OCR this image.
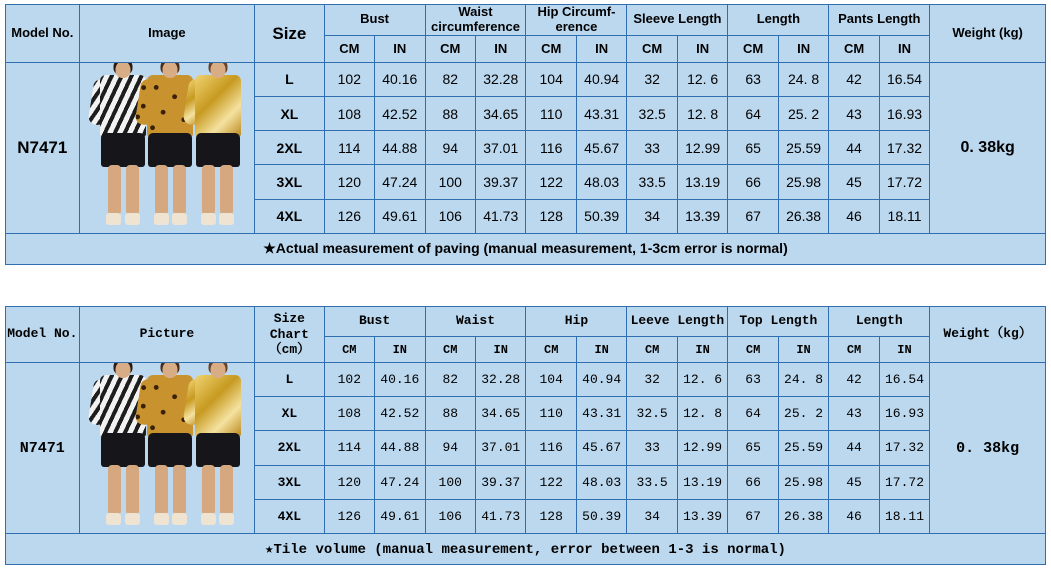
Model No.	Image	Size	Bust		Waist circumference		Hip Circumf-erence		Sleeve Length		Length		Pants Length		Weight (kg)
			CM	IN	CM	IN	CM	IN	CM	IN	CM	IN	CM	IN	
N7471		L	102	40.16	82	32.28	104	40.94	32	12. 6	63	24. 8	42	16.54	0. 38kg
		XL	108	42.52	88	34.65	110	43.31	32.5	12. 8	64	25. 2	43	16.93	
		2XL	114	44.88	94	37.01	116	45.67	33	12.99	65	25.59	44	17.32	
		3XL	120	47.24	100	39.37	122	48.03	33.5	13.19	66	25.98	45	17.72	
		4XL	126	49.61	106	41.73	128	50.39	34	13.39	67	26.38	46	18.11	
★Actual measurement of paving (manual measurement, 1-3cm error is normal)															
Model No.	Picture	Size Chart（cm）	Bust		Waist		Hip		Leeve Length		Top Length		Length		Weight（kg）
			CM	IN	CM	IN	CM	IN	CM	IN	CM	IN	CM	IN	
N7471		L	102	40.16	82	32.28	104	40.94	32	12. 6	63	24. 8	42	16.54	0. 38kg
		XL	108	42.52	88	34.65	110	43.31	32.5	12. 8	64	25. 2	43	16.93	
		2XL	114	44.88	94	37.01	116	45.67	33	12.99	65	25.59	44	17.32	
		3XL	120	47.24	100	39.37	122	48.03	33.5	13.19	66	25.98	45	17.72	
		4XL	126	49.61	106	41.73	128	50.39	34	13.39	67	26.38	46	18.11	
★Tile volume (manual measurement, error between 1-3 is normal)															
